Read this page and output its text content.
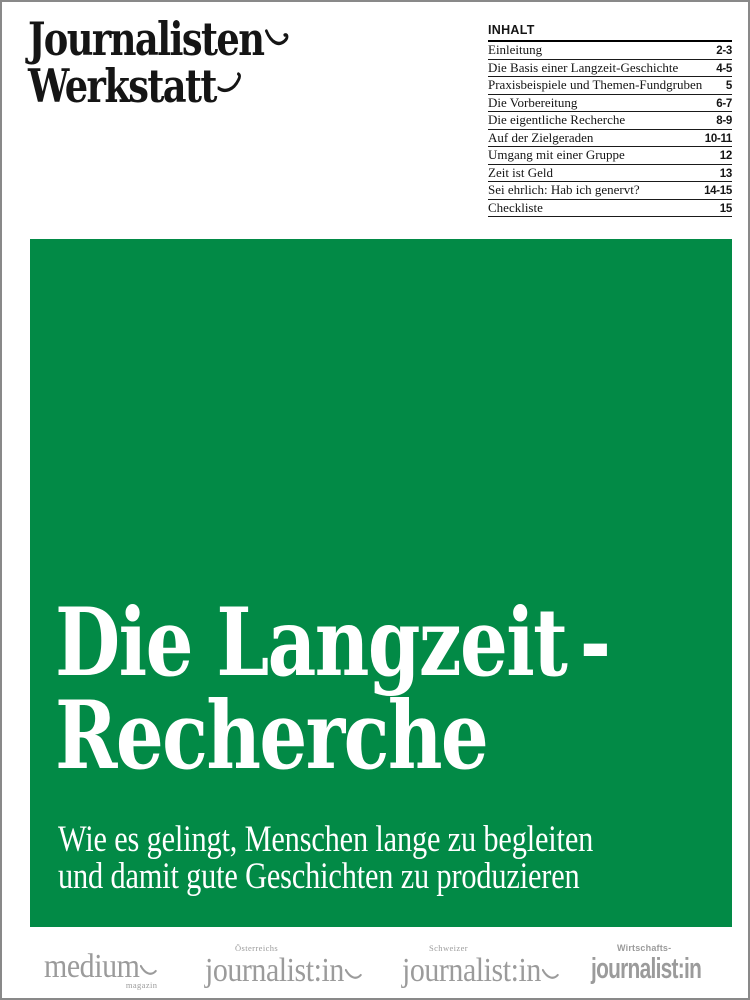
Journalisten
Werkstatt
INHALT
Einleitung	2-3
Die Basis einer Langzeit-Geschichte	4-5
Praxisbeispiele und Themen-Fundgruben	5
Die Vorbereitung	6-7
Die eigentliche Recherche	8-9
Auf der Zielgeraden	10-11
Umgang mit einer Gruppe	12
Zeit ist Geld	13
Sei ehrlich: Hab ich genervt?	14-15
Checkliste	15
Die Langzeit -
Recherche

Wie es gelingt, Menschen lange zu begleiten
und damit gute Geschichten zu produzieren

medium
magazin
Österreichs
journalist:in
Schweizer
journalist:in
Wirtschafts-
journalist:in
